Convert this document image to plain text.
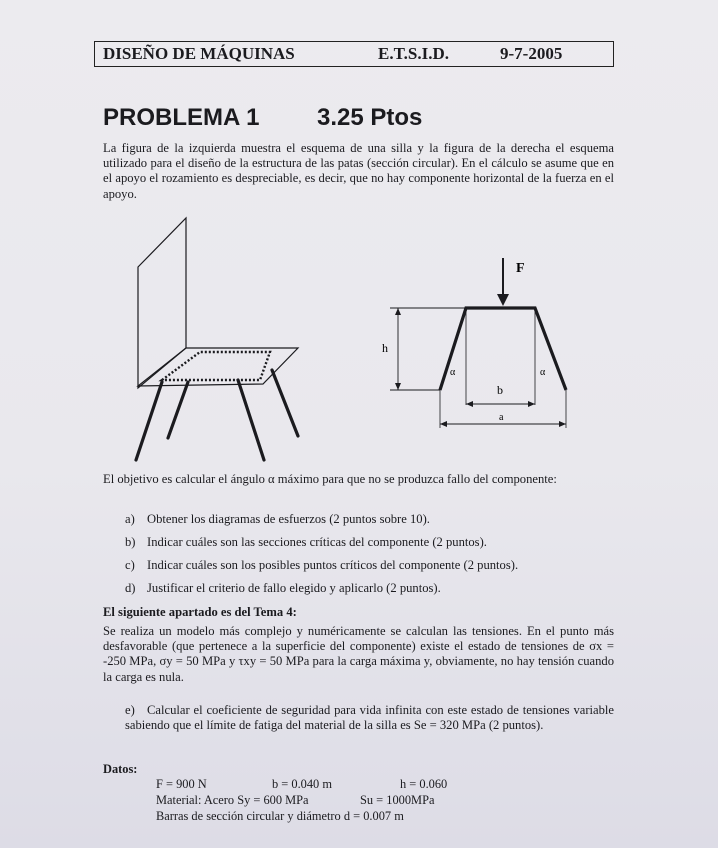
DISEÑO DE MÁQUINAS	E.T.S.I.D.	9-7-2005
PROBLEMA 1 3.25 Ptos
La figura de la izquierda muestra el esquema de una silla y la figura de la derecha el esquema utilizado para el diseño de la estructura de las patas (sección circular). En el cálculo se asume que en el apoyo el rozamiento es despreciable, es decir, que no hay componente horizontal de la fuerza en el apoyo.
F
h
α	α
b
a
El objetivo es calcular el ángulo α máximo para que no se produzca fallo del componente:
a) Obtener los diagramas de esfuerzos (2 puntos sobre 10).
b) Indicar cuáles son las secciones críticas del componente (2 puntos).
c) Indicar cuáles son los posibles puntos críticos del componente (2 puntos).
d) Justificar el criterio de fallo elegido y aplicarlo (2 puntos).
El siguiente apartado es del Tema 4:
Se realiza un modelo más complejo y numéricamente se calculan las tensiones. En el punto más desfavorable (que pertenece a la superficie del componente) existe el estado de tensiones de σx = -250 MPa, σy = 50 MPa y τxy = 50 MPa para la carga máxima y, obviamente, no hay tensión cuando la carga es nula.
e) Calcular el coeficiente de seguridad para vida infinita con este estado de tensiones variable sabiendo que el límite de fatiga del material de la silla es Se = 320 MPa (2 puntos).
Datos:
F = 900 N	b = 0.040 m	h = 0.060
Material: Acero Sy = 600 MPa	Su = 1000MPa
Barras de sección circular y diámetro d = 0.007 m
